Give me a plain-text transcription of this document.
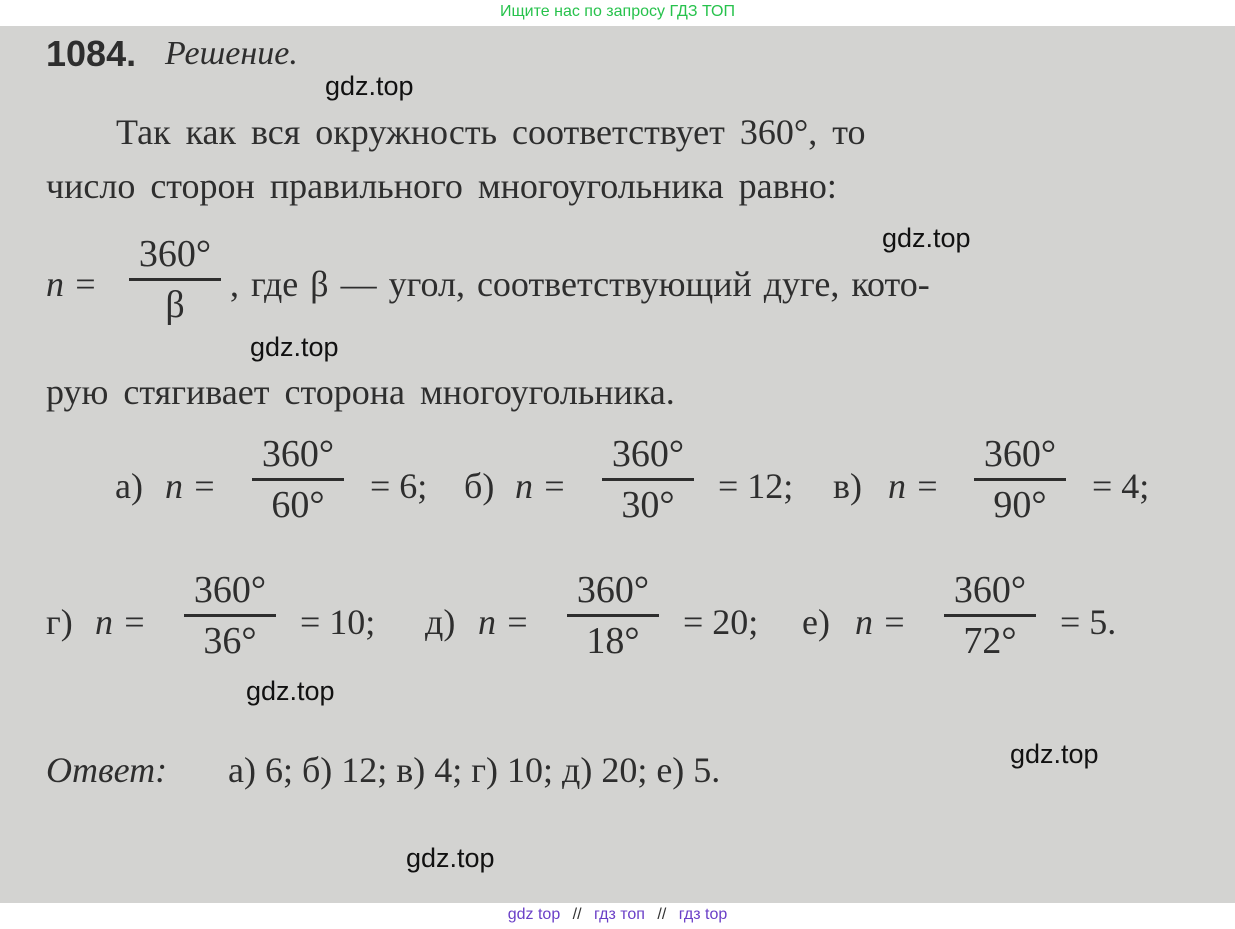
Ищите нас по запросу ГДЗ ТОП
1084. Решение.
Так как вся окружность соответствует 360°, то
число сторон правильного многоугольника равно:
n =
360°
β	, где β — угол, соответствующий дуге, кото-
рую стягивает сторона многоугольника.
а) n =
360°
60°	= 6; б) n =
360°
30°	= 12; в) n =
360°
90°	= 4;
г) n =
360°
36°	= 10; д) n =
360°
18°	= 20; е) n =
360°
72°	= 5.
Ответ: а) 6; б) 12; в) 4; г) 10; д) 20; е) 5.
gdz.top
gdz.top
gdz.top
gdz.top
gdz.top
gdz.top
gdz top // гдз топ // гдз top
